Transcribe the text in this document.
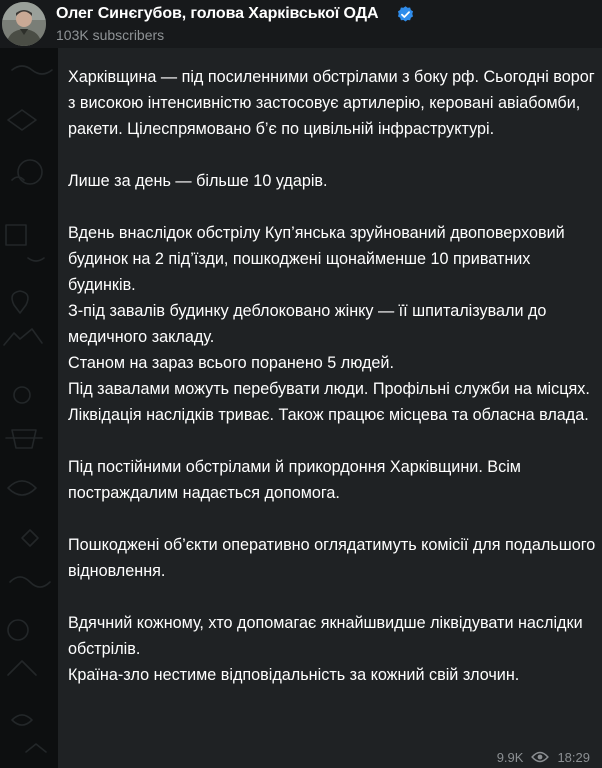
Олег Синєгубов, голова Харківської ОДА
103K subscribers

Харківщина — під посиленними обстрілами з боку рф. Сьогодні ворог з високою інтенсивністю застосовує артилерію, керовані авіабомби, ракети. Цілеспрямовано б’є по цивільній інфраструктурі.

Лише за день — більше 10 ударів.

Вдень внаслідок обстрілу Куп’янська зруйнований двоповерховий будинок на 2 під’їзди, пошкоджені щонайменше 10 приватних будинків.

З-під завалів будинку деблоковано жінку — її шпиталізували до медичного закладу.

Станом на зараз всього поранено 5 людей.

Під завалами можуть перебувати люди. Профільні служби на місцях. Ліквідація наслідків триває. Також працює місцева та обласна влада.

Під постійними обстрілами й прикордоння Харківщини. Всім постраждалим надається допомога.

Пошкоджені об’єкти оперативно оглядатимуть комісії для подальшого відновлення.

Вдячний кожному, хто допомагає якнайшвидше ліквідувати наслідки обстрілів.

Країна-зло нестиме відповідальність за кожний свій злочин.

9.9K	18:29
